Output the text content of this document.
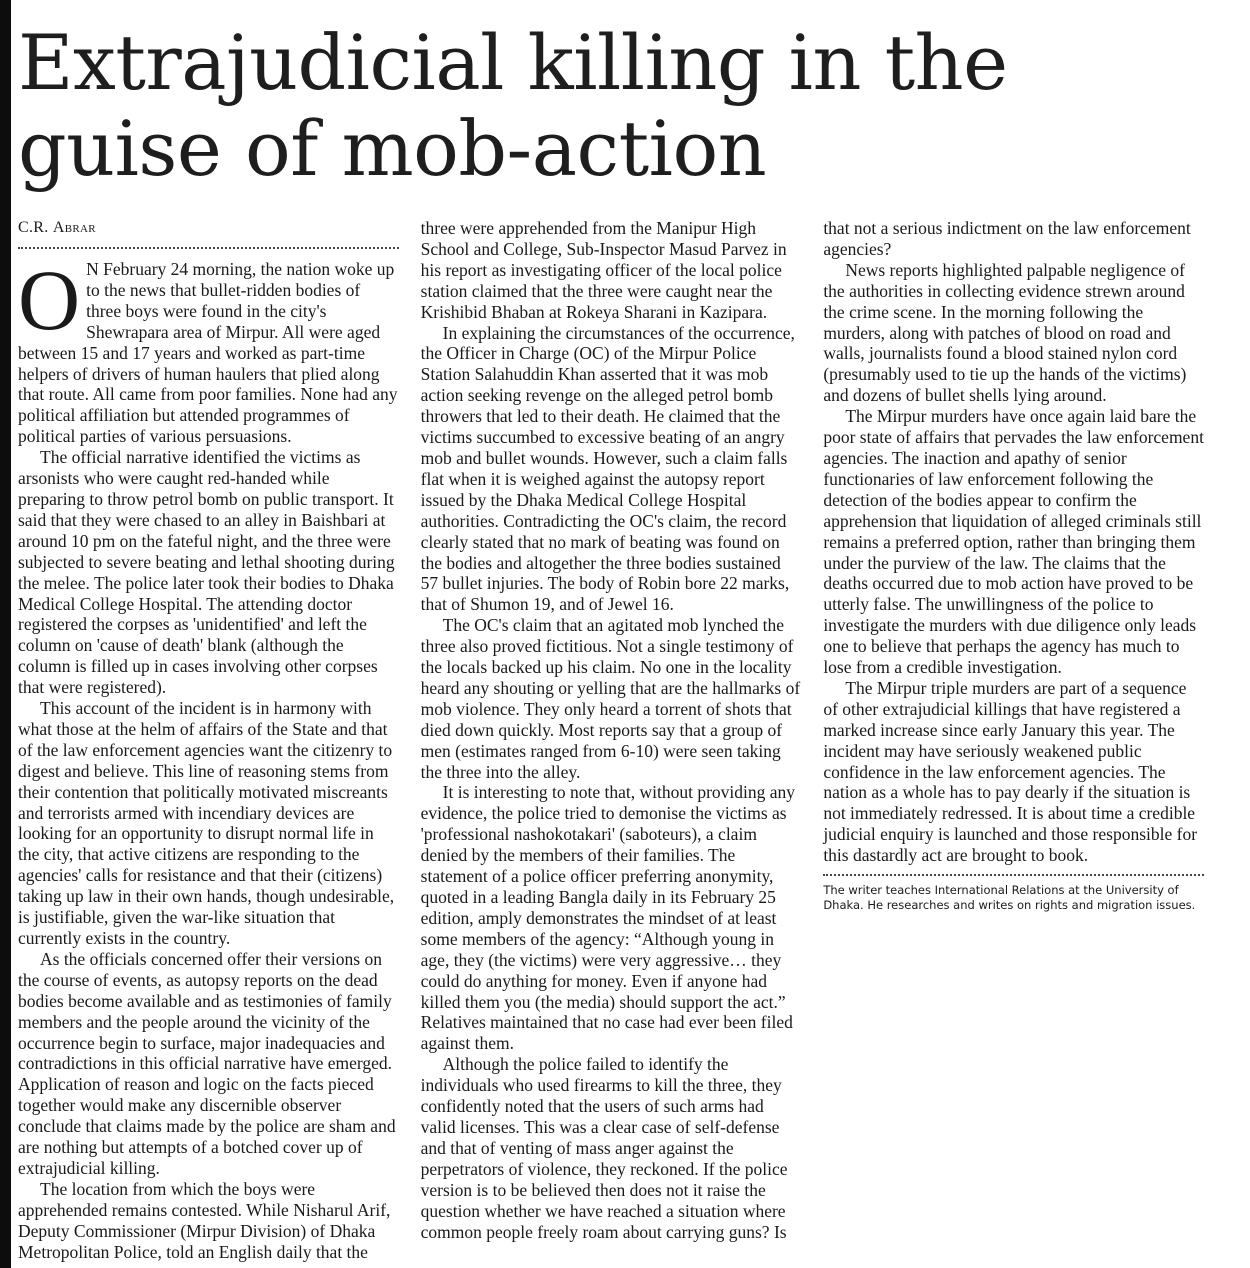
Extrajudicial killing in the guise of mob-action
C.R. Abrar

O N February 24 morning, the nation woke up to the news that bullet-ridden bodies of three boys were found in the city's Shewrapara area of Mirpur. All were aged between 15 and 17 years and worked as part-time helpers of drivers of human haulers that plied along that route. All came from poor families. None had any political affiliation but attended programmes of political parties of various persuasions.

The official narrative identified the victims as arsonists who were caught red-handed while preparing to throw petrol bomb on public transport. It said that they were chased to an alley in Baishbari at around 10 pm on the fateful night, and the three were subjected to severe beating and lethal shooting during the melee. The police later took their bodies to Dhaka Medical College Hospital. The attending doctor registered the corpses as 'unidentified' and left the column on 'cause of death' blank (although the column is filled up in cases involving other corpses that were registered).

This account of the incident is in harmony with what those at the helm of affairs of the State and that of the law enforcement agencies want the citizenry to digest and believe. This line of reasoning stems from their contention that politically motivated miscreants and terrorists armed with incendiary devices are looking for an opportunity to disrupt normal life in the city, that active citizens are responding to the agencies' calls for resistance and that their (citizens) taking up law in their own hands, though undesirable, is justifiable, given the war-like situation that currently exists in the country.

As the officials concerned offer their versions on the course of events, as autopsy reports on the dead bodies become available and as testimonies of family members and the people around the vicinity of the occurrence begin to surface, major inadequacies and contradictions in this official narrative have emerged. Application of reason and logic on the facts pieced together would make any discernible observer conclude that claims made by the police are sham and are nothing but attempts of a botched cover up of extrajudicial killing.

The location from which the boys were apprehended remains contested. While Nisharul Arif, Deputy Commissioner (Mirpur Division) of Dhaka Metropolitan Police, told an English daily that the three were apprehended from the Manipur High School and College, Sub-Inspector Masud Parvez in his report as investigating officer of the local police station claimed that the three were caught near the Krishibid Bhaban at Rokeya Sharani in Kazipara.

In explaining the circumstances of the occurrence, the Officer in Charge (OC) of the Mirpur Police Station Salahuddin Khan asserted that it was mob action seeking revenge on the alleged petrol bomb throwers that led to their death. He claimed that the victims succumbed to excessive beating of an angry mob and bullet wounds. However, such a claim falls flat when it is weighed against the autopsy report issued by the Dhaka Medical College Hospital authorities. Contradicting the OC's claim, the record clearly stated that no mark of beating was found on the bodies and altogether the three bodies sustained 57 bullet injuries. The body of Robin bore 22 marks, that of Shumon 19, and of Jewel 16.

The OC's claim that an agitated mob lynched the three also proved fictitious. Not a single testimony of the locals backed up his claim. No one in the locality heard any shouting or yelling that are the hallmarks of mob violence. They only heard a torrent of shots that died down quickly. Most reports say that a group of men (estimates ranged from 6-10) were seen taking the three into the alley.

It is interesting to note that, without providing any evidence, the police tried to demonise the victims as 'professional nashokotakari' (saboteurs), a claim denied by the members of their families. The statement of a police officer preferring anonymity, quoted in a leading Bangla daily in its February 25 edition, amply demonstrates the mindset of at least some members of the agency: “Although young in age, they (the victims) were very aggressive… they could do anything for money. Even if anyone had killed them you (the media) should support the act.” Relatives maintained that no case had ever been filed against them.

Although the police failed to identify the individuals who used firearms to kill the three, they confidently noted that the users of such arms had valid licenses. This was a clear case of self-defense and that of venting of mass anger against the perpetrators of violence, they reckoned. If the police version is to be believed then does not it raise the question whether we have reached a situation where common people freely roam about carrying guns? Is that not a serious indictment on the law enforcement agencies?

News reports highlighted palpable negligence of the authorities in collecting evidence strewn around the crime scene. In the morning following the murders, along with patches of blood on road and walls, journalists found a blood stained nylon cord (presumably used to tie up the hands of the victims) and dozens of bullet shells lying around.

The Mirpur murders have once again laid bare the poor state of affairs that pervades the law enforcement agencies. The inaction and apathy of senior functionaries of law enforcement following the detection of the bodies appear to confirm the apprehension that liquidation of alleged criminals still remains a preferred option, rather than bringing them under the purview of the law. The claims that the deaths occurred due to mob action have proved to be utterly false. The unwillingness of the police to investigate the murders with due diligence only leads one to believe that perhaps the agency has much to lose from a credible investigation.

The Mirpur triple murders are part of a sequence of other extrajudicial killings that have registered a marked increase since early January this year. The incident may have seriously weakened public confidence in the law enforcement agencies. The nation as a whole has to pay dearly if the situation is not immediately redressed. It is about time a credible judicial enquiry is launched and those responsible for this dastardly act are brought to book.

The writer teaches International Relations at the University of Dhaka. He researches and writes on rights and migration issues.
